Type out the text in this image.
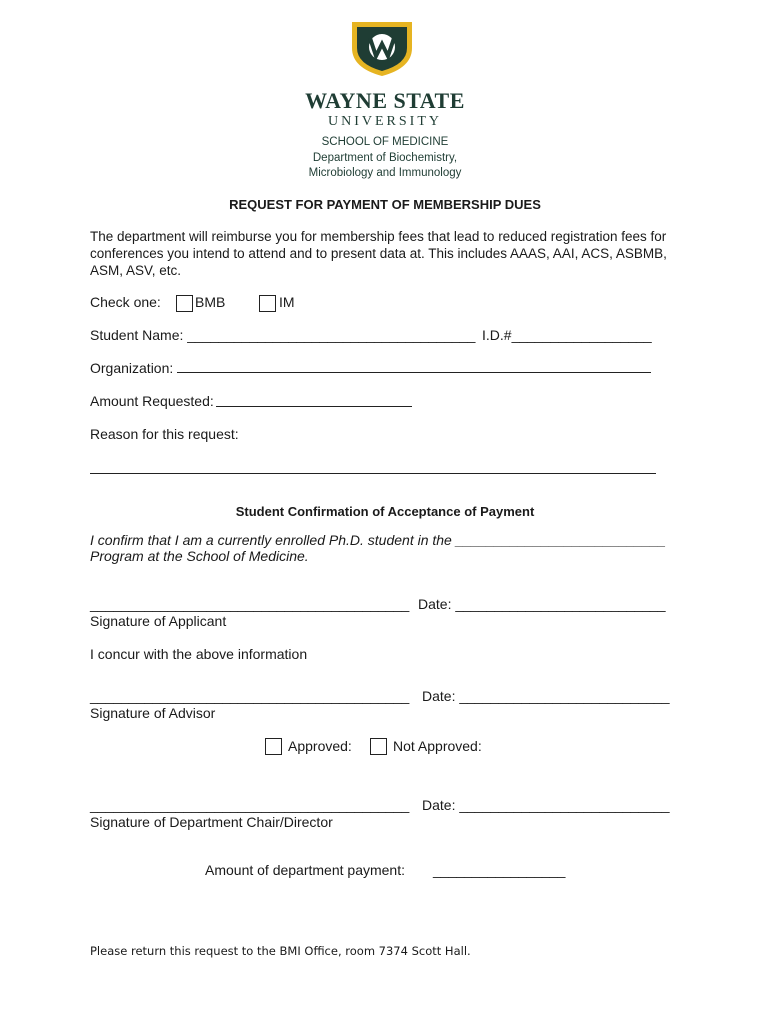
WAYNE STATE
UNIVERSITY
SCHOOL OF MEDICINE
Department of Biochemistry,
Microbiology and Immunology
REQUEST FOR PAYMENT OF MEMBERSHIP DUES
The department will reimburse you for membership fees that lead to reduced registration fees for conferences you intend to attend and to present data at. This includes AAAS, AAI, ACS, ASBMB, ASM, ASV, etc.
Check one: BMB	IM
Student Name: _____________________________________ I.D.#__________________
Organization:
Amount Requested:
Reason for this request:
Student Confirmation of Acceptance of Payment
I confirm that I am a currently enrolled Ph.D. student in the ___________________________
Program at the School of Medicine.
_________________________________________ Date: ___________________________
Signature of Applicant
I concur with the above information
_________________________________________ Date: ___________________________
Signature of Advisor
Approved:	Not Approved:
_________________________________________ Date: ___________________________
Signature of Department Chair/Director
Amount of department payment: _________________
Please return this request to the BMI Office, room 7374 Scott Hall.
